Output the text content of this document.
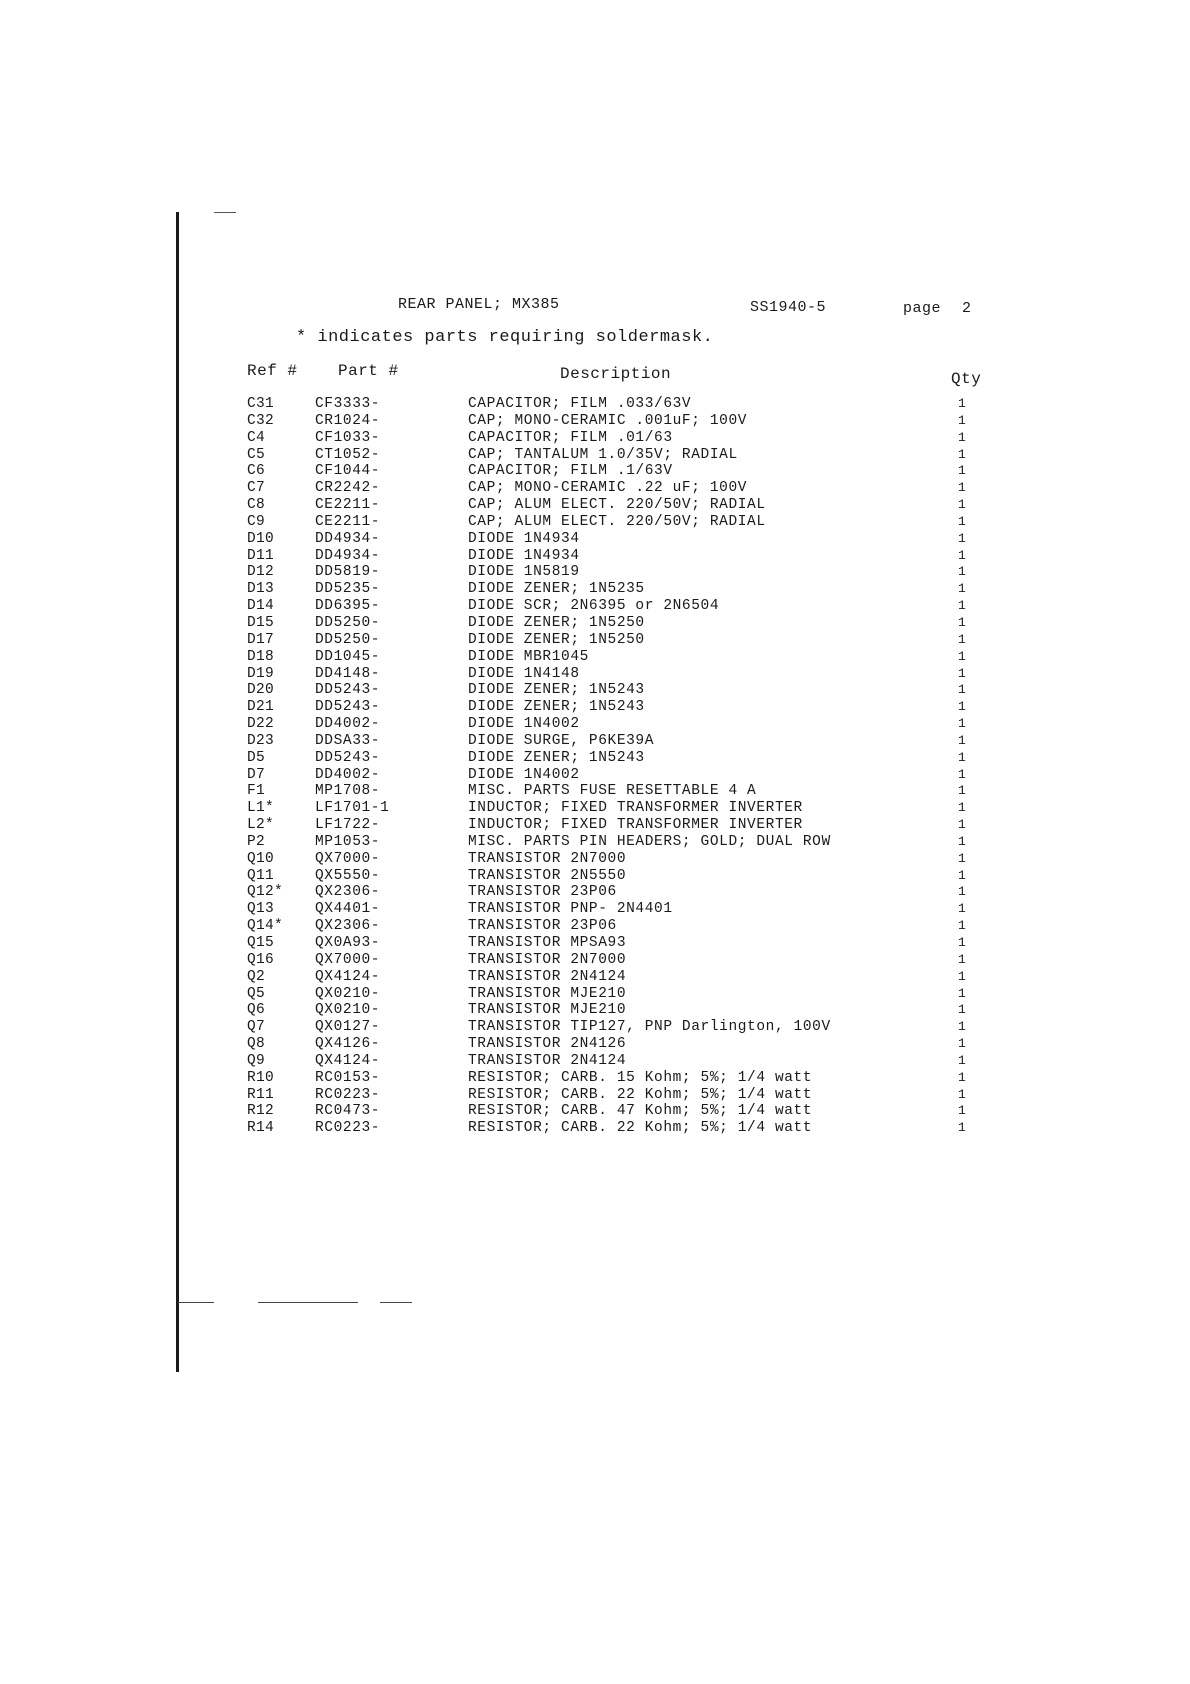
REAR PANEL; MX385	SS1940-5	page 2
* indicates parts requiring soldermask.
Ref #	Part #	Description	Qty
C31	CF3333-	CAPACITOR; FILM .033/63V	1
C32	CR1024-	CAP; MONO-CERAMIC .001uF; 100V	1
C4	CF1033-	CAPACITOR; FILM .01/63	1
C5	CT1052-	CAP; TANTALUM 1.0/35V; RADIAL	1
C6	CF1044-	CAPACITOR; FILM .1/63V	1
C7	CR2242-	CAP; MONO-CERAMIC .22 uF; 100V	1
C8	CE2211-	CAP; ALUM ELECT. 220/50V; RADIAL	1
C9	CE2211-	CAP; ALUM ELECT. 220/50V; RADIAL	1
D10	DD4934-	DIODE 1N4934	1
D11	DD4934-	DIODE 1N4934	1
D12	DD5819-	DIODE 1N5819	1
D13	DD5235-	DIODE ZENER; 1N5235	1
D14	DD6395-	DIODE SCR; 2N6395 or 2N6504	1
D15	DD5250-	DIODE ZENER; 1N5250	1
D17	DD5250-	DIODE ZENER; 1N5250	1
D18	DD1045-	DIODE MBR1045	1
D19	DD4148-	DIODE 1N4148	1
D20	DD5243-	DIODE ZENER; 1N5243	1
D21	DD5243-	DIODE ZENER; 1N5243	1
D22	DD4002-	DIODE 1N4002	1
D23	DDSA33-	DIODE SURGE, P6KE39A	1
D5	DD5243-	DIODE ZENER; 1N5243	1
D7	DD4002-	DIODE 1N4002	1
F1	MP1708-	MISC. PARTS FUSE RESETTABLE 4 A	1
L1*	LF1701-1	INDUCTOR; FIXED TRANSFORMER INVERTER	1
L2*	LF1722-	INDUCTOR; FIXED TRANSFORMER INVERTER	1
P2	MP1053-	MISC. PARTS PIN HEADERS; GOLD; DUAL ROW	1
Q10	QX7000-	TRANSISTOR 2N7000	1
Q11	QX5550-	TRANSISTOR 2N5550	1
Q12* QX2306-	TRANSISTOR 23P06	1
Q13	QX4401-	TRANSISTOR PNP- 2N4401	1
Q14* QX2306-	TRANSISTOR 23P06	1
Q15	QX0A93-	TRANSISTOR MPSA93	1
Q16	QX7000-	TRANSISTOR 2N7000	1
Q2	QX4124-	TRANSISTOR 2N4124	1
Q5	QX0210-	TRANSISTOR MJE210	1
Q6	QX0210-	TRANSISTOR MJE210	1
Q7	QX0127-	TRANSISTOR TIP127, PNP Darlington, 100V	1
Q8	QX4126-	TRANSISTOR 2N4126	1
Q9	QX4124-	TRANSISTOR 2N4124	1
R10	RC0153-	RESISTOR; CARB. 15 Kohm; 5%; 1/4 watt	1
R11	RC0223-	RESISTOR; CARB. 22 Kohm; 5%; 1/4 watt	1
R12	RC0473-	RESISTOR; CARB. 47 Kohm; 5%; 1/4 watt	1
R14	RC0223-	RESISTOR; CARB. 22 Kohm; 5%; 1/4 watt	1
